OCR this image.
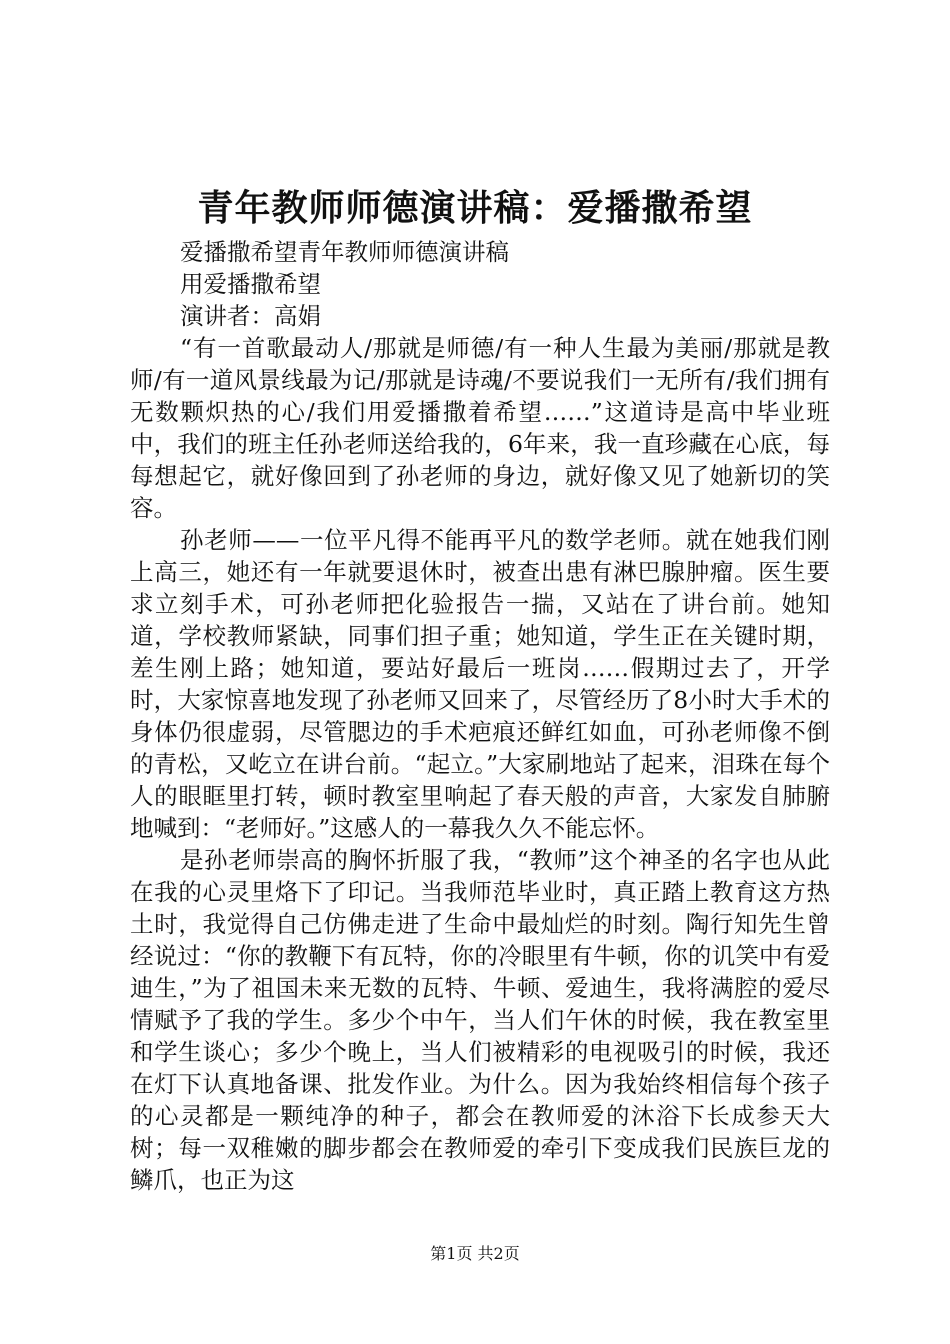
青年教师师德演讲稿：爱播撒希望

爱播撒希望青年教师师德演讲稿

用爱播撒希望

演讲者：高娟

“有一首歌最动人/那就是师德/有一种人生最为美丽/那就是教师/有一道风景线最为记/那就是诗魂/不要说我们一无所有/我们拥有无数颗炽热的心/我们用爱播撒着希望……”这道诗是高中毕业班中，我们的班主任孙老师送给我的，6年来，我一直珍藏在心底，每每想起它，就好像回到了孙老师的身边，就好像又见了她新切的笑容。

孙老师——一位平凡得不能再平凡的数学老师。就在她我们刚上高三，她还有一年就要退休时，被查出患有淋巴腺肿瘤。医生要求立刻手术，可孙老师把化验报告一揣，又站在了讲台前。她知道，学校教师紧缺，同事们担子重；她知道，学生正在关键时期，差生刚上路；她知道，要站好最后一班岗……假期过去了，开学时，大家惊喜地发现了孙老师又回来了，尽管经历了8小时大手术的身体仍很虚弱，尽管腮边的手术疤痕还鲜红如血，可孙老师像不倒的青松，又屹立在讲台前。“起立。”大家刷地站了起来，泪珠在每个人的眼眶里打转，顿时教室里响起了春天般的声音，大家发自肺腑地喊到：“老师好。”这感人的一幕我久久不能忘怀。

是孙老师崇高的胸怀折服了我，“教师”这个神圣的名字也从此在我的心灵里烙下了印记。当我师范毕业时，真正踏上教育这方热土时，我觉得自己仿佛走进了生命中最灿烂的时刻。陶行知先生曾经说过：“你的教鞭下有瓦特，你的冷眼里有牛顿，你的讥笑中有爱迪生，”为了祖国未来无数的瓦特、牛顿、爱迪生，我将满腔的爱尽情赋予了我的学生。多少个中午，当人们午休的时候，我在教室里和学生谈心；多少个晚上，当人们被精彩的电视吸引的时候，我还在灯下认真地备课、批发作业。为什么。因为我始终相信每个孩子的心灵都是一颗纯净的种子，都会在教师爱的沐浴下长成参天大树；每一双稚嫩的脚步都会在教师爱的牵引下变成我们民族巨龙的鳞爪，也正为这

第1页 共2页
